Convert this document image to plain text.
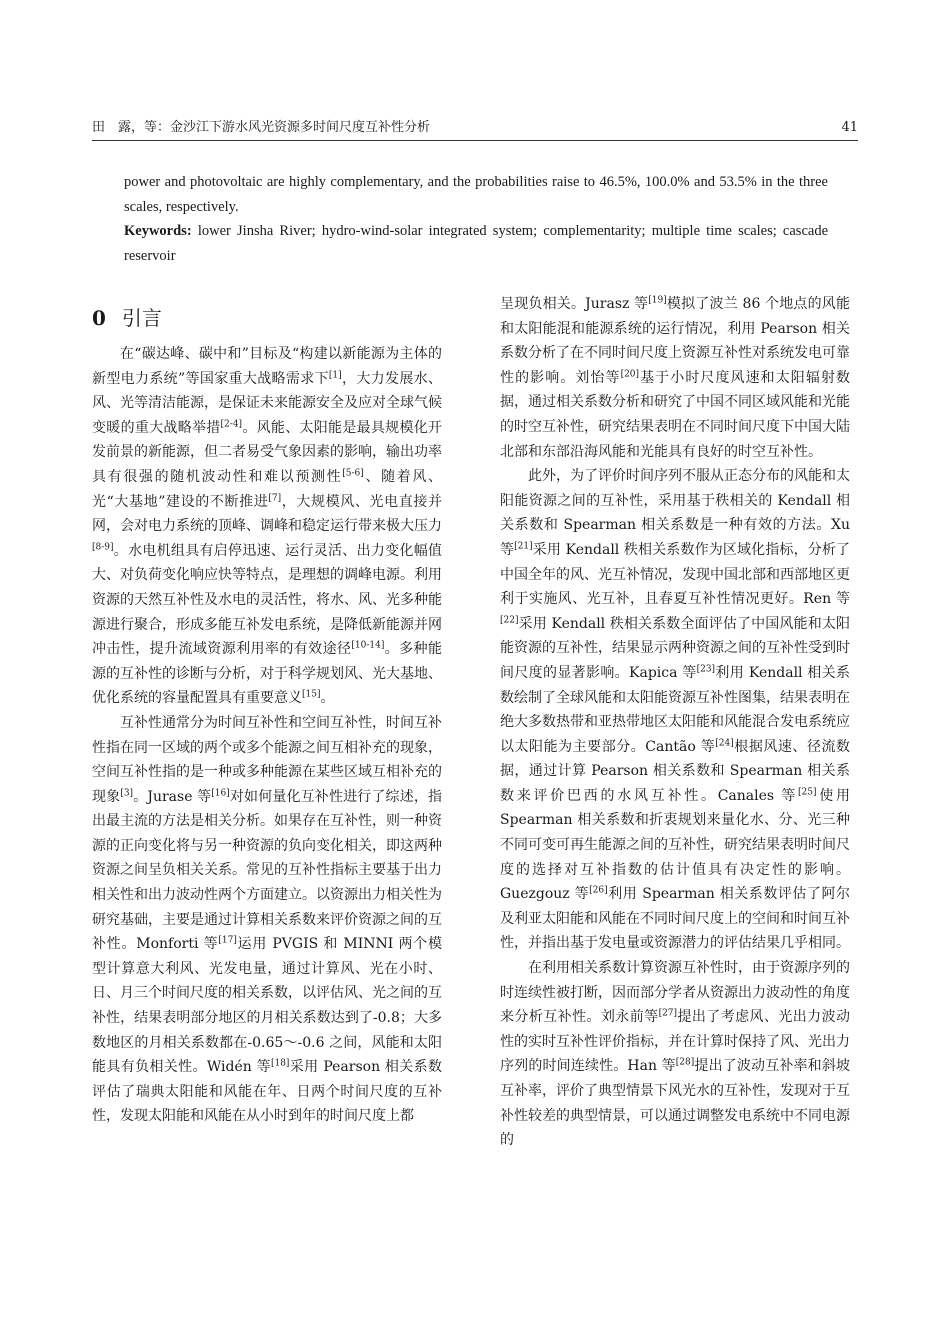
田　露，等：金沙江下游水风光资源多时间尺度互补性分析	41

power and photovoltaic are highly complementary, and the probabilities raise to 46.5%, 100.0% and 53.5% in the three scales, respectively.

Keywords: lower Jinsha River; hydro-wind-solar integrated system; complementarity; multiple time scales; cascade reservoir

0 引言

在“碳达峰、碳中和”目标及“构建以新能源为主体的新型电力系统”等国家重大战略需求下[1]，大力发展水、风、光等清洁能源，是保证未来能源安全及应对全球气候变暖的重大战略举措[2-4]。风能、太阳能是最具规模化开发前景的新能源，但二者易受气象因素的影响，输出功率具有很强的随机波动性和难以预测性[5-6]、随着风、光“大基地”建设的不断推进[7]，大规模风、光电直接并网，会对电力系统的顶峰、调峰和稳定运行带来极大压力[8-9]。水电机组具有启停迅速、运行灵活、出力变化幅值大、对负荷变化响应快等特点，是理想的调峰电源。利用资源的天然互补性及水电的灵活性，将水、风、光多种能源进行聚合，形成多能互补发电系统，是降低新能源并网冲击性，提升流域资源利用率的有效途径[10-14]。多种能源的互补性的诊断与分析，对于科学规划风、光大基地、优化系统的容量配置具有重要意义[15]。

互补性通常分为时间互补性和空间互补性，时间互补性指在同一区域的两个或多个能源之间互相补充的现象，空间互补性指的是一种或多种能源在某些区域互相补充的现象[3]。Jurase 等[16]对如何量化互补性进行了综述，指出最主流的方法是相关分析。如果存在互补性，则一种资源的正向变化将与另一种资源的负向变化相关，即这两种资源之间呈负相关关系。常见的互补性指标主要基于出力相关性和出力波动性两个方面建立。以资源出力相关性为研究基础，主要是通过计算相关系数来评价资源之间的互补性。Monforti 等[17]运用 PVGIS 和 MINNI 两个模型计算意大利风、光发电量，通过计算风、光在小时、日、月三个时间尺度的相关系数，以评估风、光之间的互补性，结果表明部分地区的月相关系数达到了-0.8；大多数地区的月相关系数都在-0.65～-0.6 之间，风能和太阳能具有负相关性。Widén 等[18]采用 Pearson 相关系数评估了瑞典太阳能和风能在年、日两个时间尺度的互补性，发现太阳能和风能在从小时到年的时间尺度上都

呈现负相关。Jurasz 等[19]模拟了波兰 86 个地点的风能和太阳能混和能源系统的运行情况，利用 Pearson 相关系数分析了在不同时间尺度上资源互补性对系统发电可靠性的影响。刘怡等[20]基于小时尺度风速和太阳辐射数据，通过相关系数分析和研究了中国不同区域风能和光能的时空互补性，研究结果表明在不同时间尺度下中国大陆北部和东部沿海风能和光能具有良好的时空互补性。

此外，为了评价时间序列不服从正态分布的风能和太阳能资源之间的互补性，采用基于秩相关的 Kendall 相关系数和 Spearman 相关系数是一种有效的方法。Xu 等[21]采用 Kendall 秩相关系数作为区域化指标，分析了中国全年的风、光互补情况，发现中国北部和西部地区更利于实施风、光互补，且春夏互补性情况更好。Ren 等[22]采用 Kendall 秩相关系数全面评估了中国风能和太阳能资源的互补性，结果显示两种资源之间的互补性受到时间尺度的显著影响。Kapica 等[23]利用 Kendall 相关系数绘制了全球风能和太阳能资源互补性图集，结果表明在绝大多数热带和亚热带地区太阳能和风能混合发电系统应以太阳能为主要部分。Cantão 等[24]根据风速、径流数据，通过计算 Pearson 相关系数和 Spearman 相关系数来评价巴西的水风互补性。Canales 等[25]使用 Spearman 相关系数和折衷规划来量化水、分、光三种不同可变可再生能源之间的互补性，研究结果表明时间尺度的选择对互补指数的估计值具有决定性的影响。Guezgouz 等[26]利用 Spearman 相关系数评估了阿尔及利亚太阳能和风能在不同时间尺度上的空间和时间互补性，并指出基于发电量或资源潜力的评估结果几乎相同。

在利用相关系数计算资源互补性时，由于资源序列的时连续性被打断，因而部分学者从资源出力波动性的角度来分析互补性。刘永前等[27]提出了考虑风、光出力波动性的实时互补性评价指标，并在计算时保持了风、光出力序列的时间连续性。Han 等[28]提出了波动互补率和斜坡互补率，评价了典型情景下风光水的互补性，发现对于互补性较差的典型情景，可以通过调整发电系统中不同电源的
